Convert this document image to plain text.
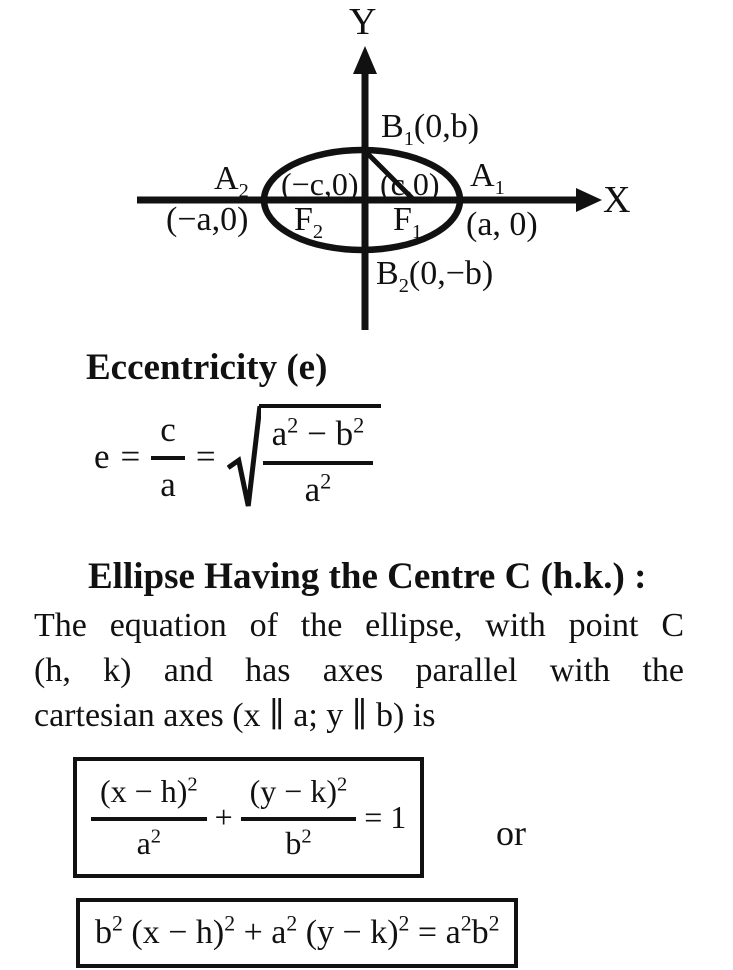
Y
X
$B_1(0,b)$
$B_2(0,-b)$
$A_2$
(−a,0)
$A_1$
(a, 0)
(−c,0)
$F_2$
(c,0)
$F_1$
Eccentricity (e)
$e = \frac{c}{a} = \frac{a^2 - b^2}{a^2}$
Ellipse Having the Centre C (h.k.) :
The equation of the ellipse, with point C
(h, k) and has axes parallel with the
cartesian axes (x ∥ a; y ∥ b) is
$\frac{(x - h)^2}{a^2} + \frac{(y - k)^2}{b^2} = 1$ or
$b^2$ $(x - h)^2 + a^2$ $(y - k)^2 = a^2b^2$
